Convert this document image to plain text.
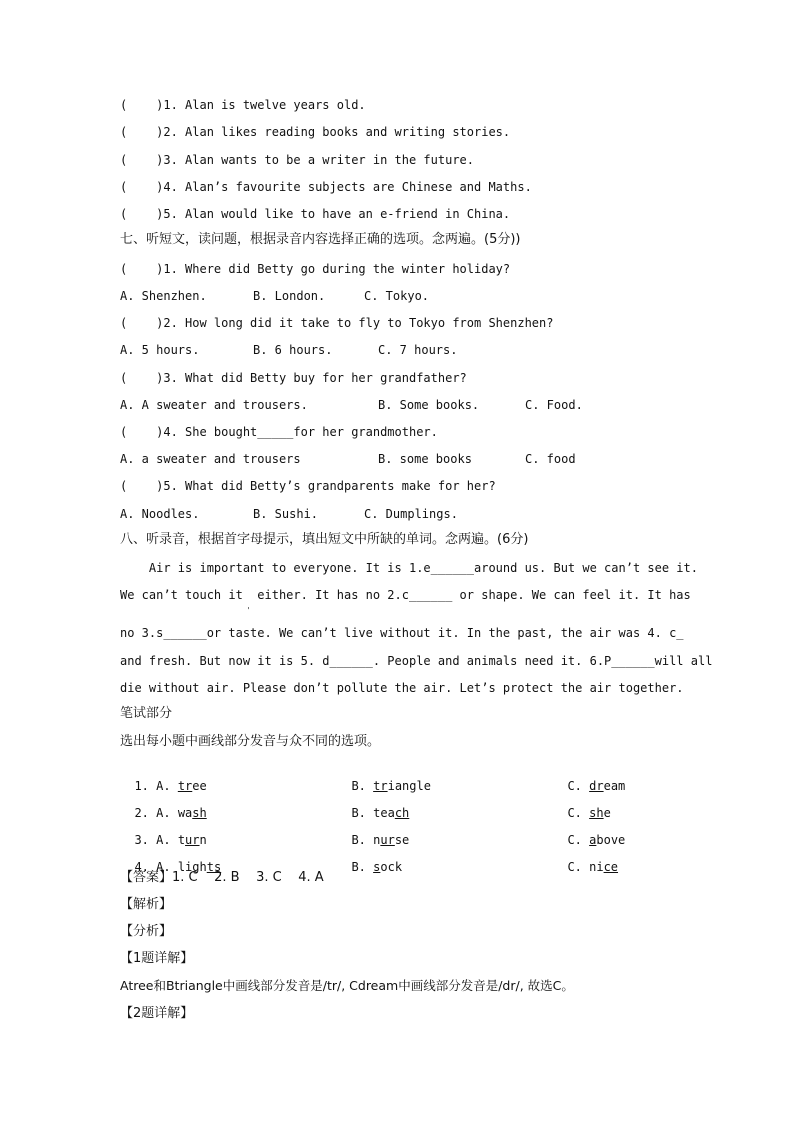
(    )1. Alan is twelve years old.
(    )2. Alan likes reading books and writing stories.
(    )3. Alan wants to be a writer in the future.
(    )4. Alan’s favourite subjects are Chinese and Maths.
(    )5. Alan would like to have an e-friend in China.
七、听短文，读问题，根据录音内容选择正确的选项。念两遍。(5分))
(    )1. Where did Betty go during the winter holiday?
A. Shenzhen.	B. London.	C. Tokyo.
(    )2. How long did it take to fly to Tokyo from Shenzhen?
A. 5 hours.	B. 6 hours.	C. 7 hours.
(    )3. What did Betty buy for her grandfather?
A. A sweater and trousers.	B. Some books.	C. Food.
(    )4. She bought_____for her grandmother.
A. a sweater and trousers	B. some books	C. food
(    )5. What did Betty’s grandparents make for her?
A. Noodles.	B. Sushi.	C. Dumplings.
八、听录音，根据首字母提示，填出短文中所缺的单词。念两遍。(6分)
Air is important to everyone. It is 1.e______around us. But we can’t see it.
We can’t touch it  either. It has no 2.c______ or shape. We can feel it. It has
'
no 3.s______or taste. We can’t live without it. In the past, the air was 4. c_
and fresh. But now it is 5. d______. People and animals need it. 6.P______will all
die without air. Please don’t pollute the air. Let’s protect the air together.
笔试部分
选出每小题中画线部分发音与众不同的选项。

1. A. tree	B. triangle	C. dream

2. A. wash	B. teach	C. she

3. A. turn	B. nurse	C. above

4. A. lights	B. sock	C. nice

【答案】1. C    2. B    3. C    4. A
【解析】
【分析】
【1题详解】
Atree和Btriangle中画线部分发音是/tr/, Cdream中画线部分发音是/dr/, 故选C。
【2题详解】
